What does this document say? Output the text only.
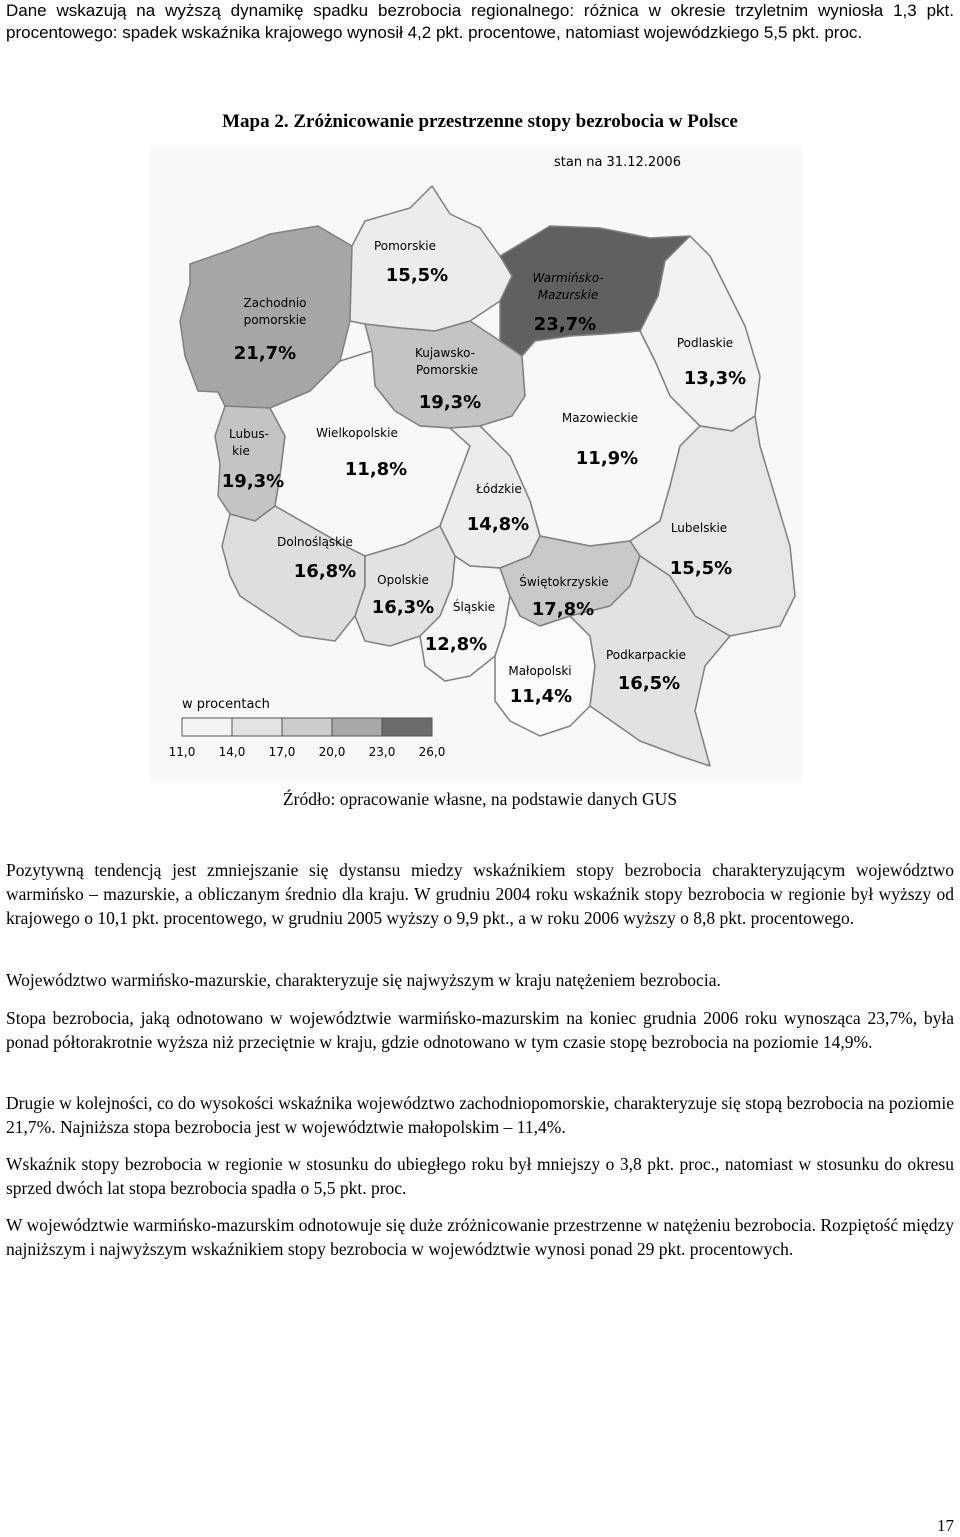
Dane wskazują na wyższą dynamikę spadku bezrobocia regionalnego: różnica w okresie trzyletnim wyniosła 1,3 pkt. procentowego: spadek wskaźnika krajowego wynosił 4,2 pkt. procentowe, natomiast wojewódzkiego 5,5 pkt. proc.

Mapa 2. Zróżnicowanie przestrzenne stopy bezrobocia w Polsce
stan na 31.12.2006
Pomorskie
15,5%	Warmińsko-
Mazurskie
23,7%
Zachodnio
pomorskie
21,7%	Podlaskie
13,3%
Kujawsko-
Pomorskie
19,3%
Lubus-
kie
19,3%
Wielkopolskie
11,8%
Mazowieckie
11,9%
Łódzkie
14,8%	Lubelskie
15,5%
Dolnośląskie
16,8% Opolskie
16,3%
Świętokrzyskie
17,8%
Śląskie
12,8%
Małopolski
11,4%
Podkarpackie
16,5%
w procentach
11,0 14,0 17,0 20,0 23,0 26,0
Źródło: opracowanie własne, na podstawie danych GUS

Pozytywną tendencją jest zmniejszanie się dystansu miedzy wskaźnikiem stopy bezrobocia charakteryzującym województwo warmińsko – mazurskie, a obliczanym średnio dla kraju. W grudniu 2004 roku wskaźnik stopy bezrobocia w regionie był wyższy od krajowego o 10,1 pkt. procentowego, w grudniu 2005 wyższy o 9,9 pkt., a w roku 2006 wyższy o 8,8 pkt. procentowego.

Województwo warmińsko-mazurskie, charakteryzuje się najwyższym w kraju natężeniem bezrobocia.

Stopa bezrobocia, jaką odnotowano w województwie warmińsko-mazurskim na koniec grudnia 2006 roku wynosząca 23,7%, była ponad półtorakrotnie wyższa niż przeciętnie w kraju, gdzie odnotowano w tym czasie stopę bezrobocia na poziomie 14,9%.

Drugie w kolejności, co do wysokości wskaźnika województwo zachodniopomorskie, charakteryzuje się stopą bezrobocia na poziomie 21,7%. Najniższa stopa bezrobocia jest w województwie małopolskim – 11,4%.

Wskaźnik stopy bezrobocia w regionie w stosunku do ubiegłego roku był mniejszy o 3,8 pkt. proc., natomiast w stosunku do okresu sprzed dwóch lat stopa bezrobocia spadła o 5,5 pkt. proc.

W województwie warmińsko-mazurskim odnotowuje się duże zróżnicowanie przestrzenne w natężeniu bezrobocia. Rozpiętość między najniższym i najwyższym wskaźnikiem stopy bezrobocia w województwie wynosi ponad 29 pkt. procentowych.

17
